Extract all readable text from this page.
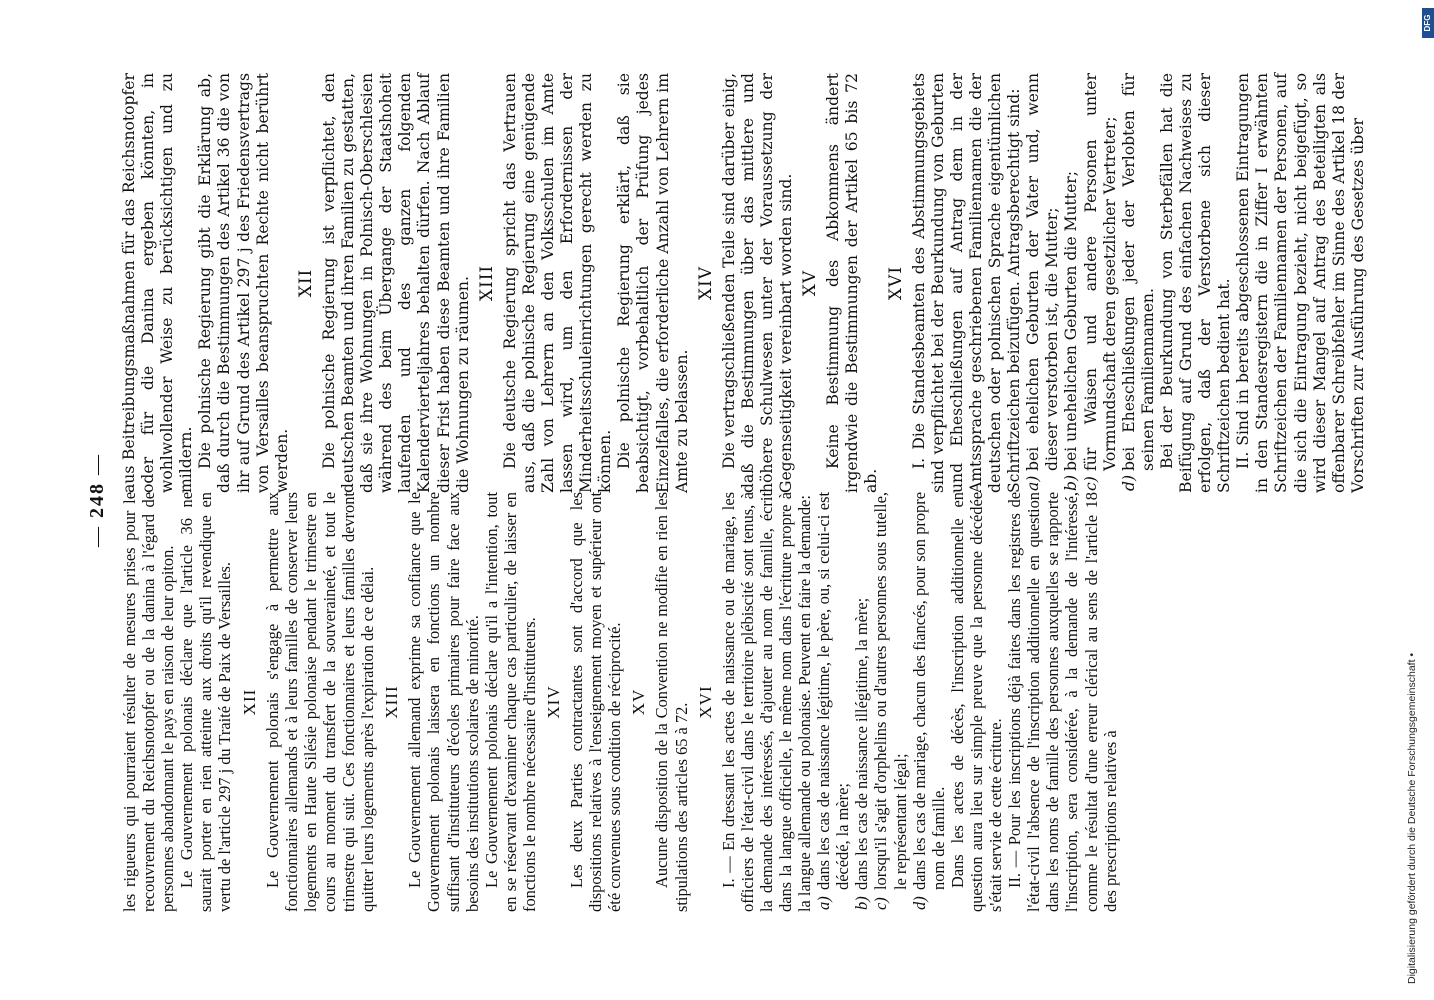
— 248 —

les rigueurs qui pourraient résulter de mesures prises pour le recouvrement du Reichsnotopfer ou de la danina à l'égard de personnes abandonnant le pays en raison de leur opiton. Le Gouvernement polonais déclare que l'article 36 ne saurait porter en rien atteinte aux droits qu'il revendique en vertu de l'article 297 j du Traité de Paix de Versailles. XII Le Gouvernement polonais s'engage à permettre aux fonctionnaires allemands et à leurs familles de conserver leurs logements en Haute Silésie polonaise pendant le trimestre en cours au moment du transfert de la souveraineté, et tout le trimestre qui suit. Ces fonctionnaires et leurs familles devront quitter leurs logements après l'expiration de ce délai. XIII Le Gouvernement allemand exprime sa confiance que le Gouvernement polonais laissera en fonctions un nombre suffisant d'instituteurs d'écoles primaires pour faire face aux besoins des institutions scolaires de minorité. Le Gouvernement polonais déclare qu'il a l'intention, tout en se réservant d'examiner chaque cas particulier, de laisser en fonctions le nombre nécessaire d'instituteurs. XIV Les deux Parties contractantes sont d'accord que les dispositions relatives à l'enseignement moyen et supérieur ont été convenues sous condition de réciprocité. XV Aucune disposition de la Convention ne modifie en rien les stipulations des articles 65 à 72.

XVI I. — En dressant les actes de naissance ou de mariage, les officiers de l'état-civil dans le territoire plébiscité sont tenus, à la demande des intéressés, d'ajouter au nom de famille, écrit dans la langue officielle, le même nom dans l'écriture propre à la langue allemande ou polonaise. Peuvent en faire la demande: a)
dans les cas de naissance légitime, le père, ou, si celui-ci est décédé, la mère;

b)
dans les cas de naissance illégitime, la mère;

c)
lorsqu'il s'agit d'orphelins ou d'autres personnes sous tutelle, le représentant légal;

d)
dans les cas de mariage, chacun des fiancés, pour son propre nom de famille. Dans les actes de décès, l'inscription additionnelle en question aura lieu sur simple preuve que la personne décédée s'était servie de cette écriture. II. — Pour les inscriptions déjà faites dans les registres de l'état-civil l'absence de l'inscription additionnelle en question dans les noms de famille des personnes auxquelles se rapporte l'inscription, sera considérée, à la demande de l'intéressé, comme le résultat d'une erreur clérical au sens de l'article 18 des prescriptions relatives à

aus Beitreibungsmaßnahmen für das Reichsnotopfer oder für die Danina ergeben könnten, in wohlwollender Weise zu berücksichtigen und zu mildern. Die polnische Regierung gibt die Erklärung ab, daß durch die Bestimmungen des Artikel 36 die von ihr auf Grund des Artikel 297 j des Friedensvertrags von Versailles beanspruchten Rechte nicht berührt werden.

XII Die polnische Regierung ist verpflichtet, den deutschen Beamten und ihren Familien zu gestatten, daß sie ihre Wohnungen in Polnisch-Oberschlesien während des beim Übergange der Staatshoheit laufenden und des ganzen folgenden Kalendervierteljahres behalten dürfen. Nach Ablauf dieser Frist haben diese Beamten und ihre Familien die Wohnungen zu räumen. XIII Die deutsche Regierung spricht das Vertrauen aus, daß die polnische Regierung eine genügende Zahl von Lehrern an den Volksschulen im Amte lassen wird, um den Erfordernissen der Minderheitsschuleinrichtungen gerecht werden zu können. Die polnische Regierung erklärt, daß sie beabsichtigt, vorbehaltlich der Prüfung jedes Einzelfalles, die erforderliche Anzahl von Lehrern im Amte zu belassen.

XIV Die vertragschließenden Teile sind darüber einig, daß die Bestimmungen über das mittlere und höhere Schulwesen unter der Voraussetzung der Gegenseitigkeit vereinbart worden sind. XV Keine Bestimmung des Abkommens ändert irgendwie die Bestimmungen der Artikel 65 bis 72 ab.

XVI I. Die Standesbeamten des Abstimmungsgebiets sind verpflichtet bei der Beurkundung von Geburten und Eheschließungen auf Antrag dem in der Amtssprache geschriebenen Familiennamen die der deutschen oder polnischen Sprache eigentümlichen Schriftzeichen beizufügen. Antragsberechtigt sind: a)
bei ehelichen Geburten der Vater und, wenn dieser verstorben ist, die Mutter;

b)
bei unehelichen Geburten die Mutter;

c)
für Waisen und andere Personen unter Vormundschaft deren gesetzlicher Vertreter;

d)
bei Eheschließungen jeder der Verlobten für seinen Familiennamen. Bei der Beurkundung von Sterbefällen hat die Beifügung auf Grund des einfachen Nachweises zu erfolgen, daß der Verstorbene sich dieser Schriftzeichen bedient hat. II. Sind in bereits abgeschlossenen Eintragungen in den Standesregistern die in Ziffer I erwähnten Schriftzeichen der Familiennamen der Personen, auf die sich die Eintragung bezieht, nicht beigefügt, so wird dieser Mangel auf Antrag des Beteiligten als offenbarer Schreibfehler im Sinne des Artikel 18 der Vorschriften zur Ausführung des Gesetzes über

Digitalisierung gefördert durch die Deutsche Forschungsgemeinschaft •
DFG
